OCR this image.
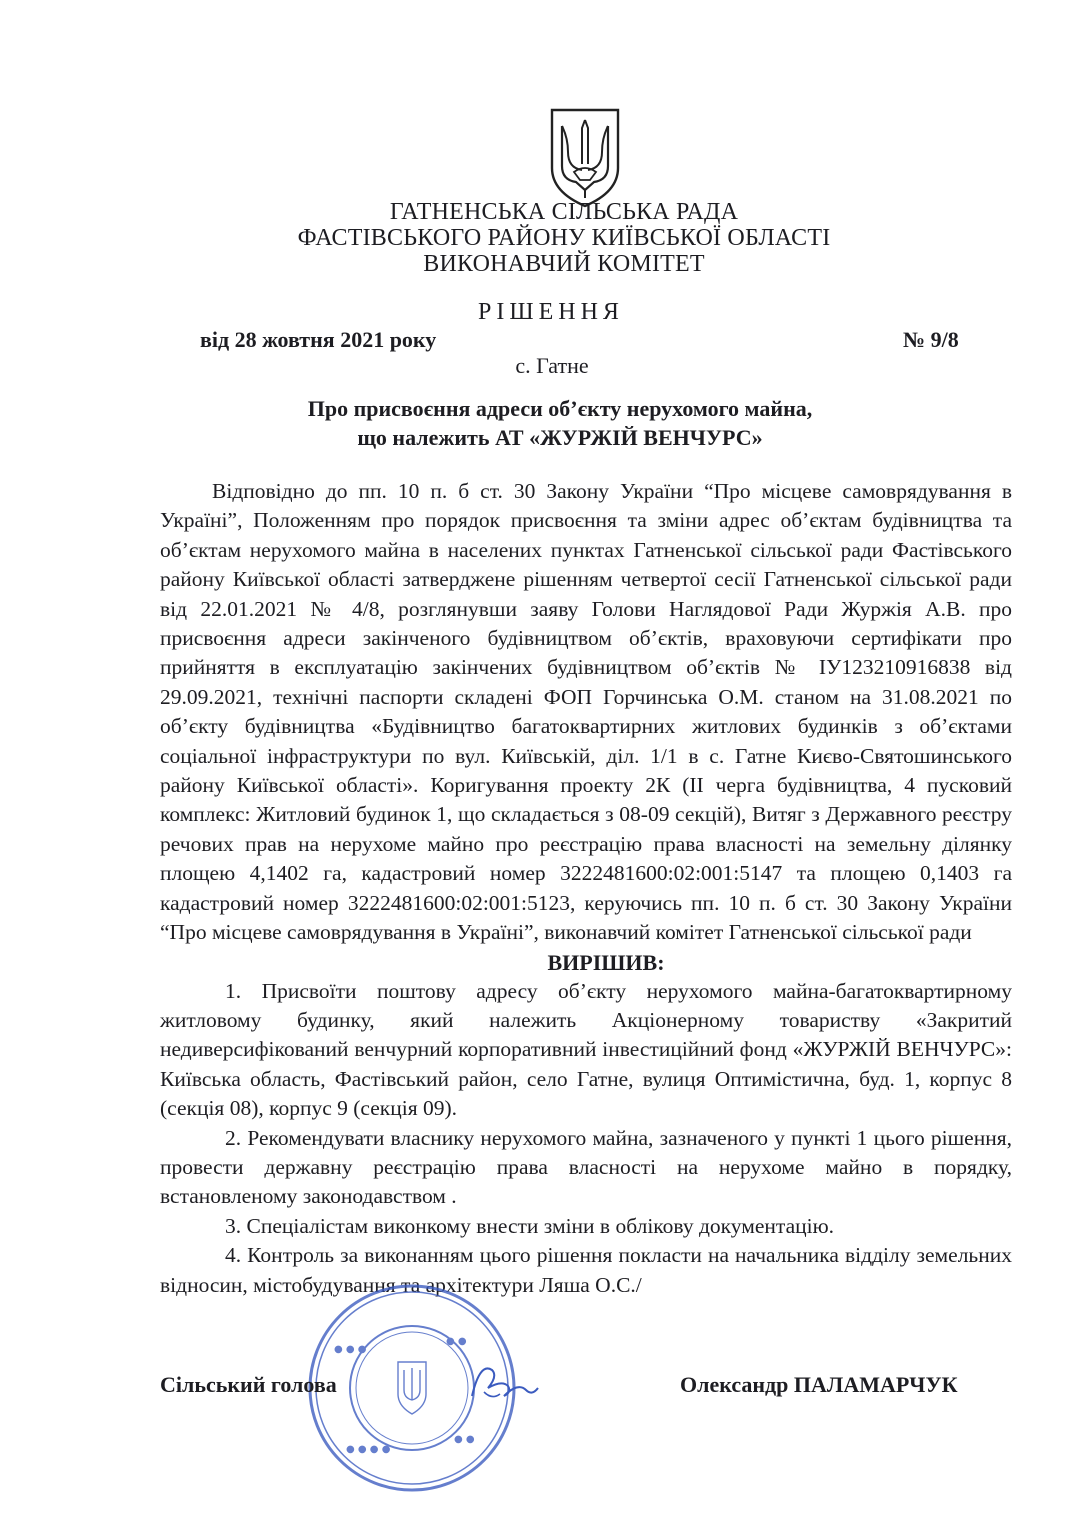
ГАТНЕНСЬКА СІЛЬСЬКА РАДА
ФАСТІВСЬКОГО РАЙОНУ КИЇВСЬКОЇ ОБЛАСТІ
ВИКОНАВЧИЙ КОМІТЕТ
РІШЕННЯ
від 28 жовтня 2021 року	№ 9/8
с. Гатне
Про присвоєння адреси об’єкту нерухомого майна,
що належить АТ «ЖУРЖІЙ ВЕНЧУРС»

Відповідно до пп. 10 п. б ст. 30 Закону України “Про місцеве самоврядування в Україні”, Положенням про порядок присвоєння та зміни адрес об’єктам будівництва та об’єктам нерухомого майна в населених пунктах Гатненської сільської ради Фастівського району Київської області затверджене рішенням четвертої сесії Гатненської сільської ради від 22.01.2021 № 4/8, розглянувши заяву Голови Наглядової Ради Журжія А.В. про присвоєння адреси закінченого будівництвом об’єктів, враховуючи сертифікати про прийняття в експлуатацію закінчених будівництвом об’єктів № ІУ123210916838 від 29.09.2021, технічні паспорти складені ФОП Горчинська О.М. станом на 31.08.2021 по об’єкту будівництва «Будівництво багатоквартирних житлових будинків з об’єктами соціальної інфраструктури по вул. Київській, діл. 1/1 в с. Гатне Києво-Святошинського району Київської області». Коригування проекту 2К (ІІ черга будівництва, 4 пусковий комплекс: Житловий будинок 1, що складається з 08-09 секцій), Витяг з Державного реєстру речових прав на нерухоме майно про реєстрацію права власності на земельну ділянку площею 4,1402 га, кадастровий номер 3222481600:02:001:5147 та площею 0,1403 га кадастровий номер 3222481600:02:001:5123, керуючись пп. 10 п. б ст. 30 Закону України “Про місцеве самоврядування в Україні”, виконавчий комітет Гатненської сільської ради

ВИРІШИВ:

1. Присвоїти поштову адресу об’єкту нерухомого майна-багатоквартирному житловому будинку, який належить Акціонерному товариству «Закритий недиверсифікований венчурний корпоративний інвестиційний фонд «ЖУРЖІЙ ВЕНЧУРС»: Київська область, Фастівський район, село Гатне, вулиця Оптимістична, буд. 1, корпус 8 (секція 08), корпус 9 (секція 09).

2. Рекомендувати власнику нерухомого майна, зазначеного у пункті 1 цього рішення, провести державну реєстрацію права власності на нерухоме майно в порядку, встановленому законодавством .

3. Спеціалістам виконкому внести зміни в облікову документацію.

4. Контроль за виконанням цього рішення покласти на начальника відділу земельних відносин, містобудування та архітектури Ляша О.С./

● ● ●
● ●
● ● ● ●
● ●
Сільський голова	Олександр ПАЛАМАРЧУК
